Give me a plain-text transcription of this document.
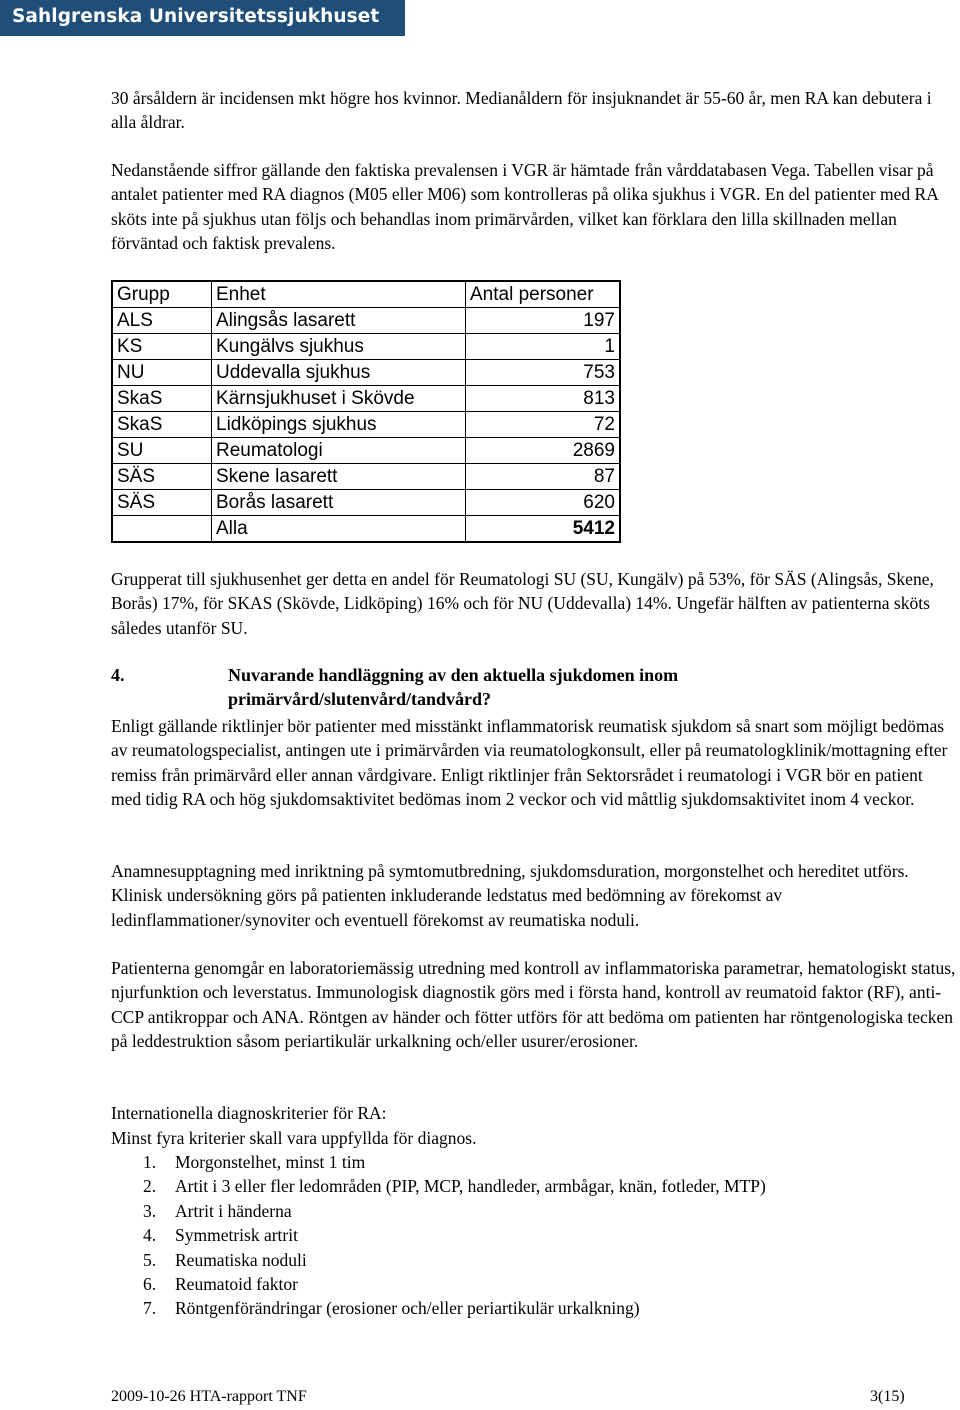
Sahlgrenska Universitetssjukhuset

30 årsåldern är incidensen mkt högre hos kvinnor. Medianåldern för insjuknandet är 55-60 år, men RA kan debutera i alla åldrar.

Nedanstående siffror gällande den faktiska prevalensen i VGR är hämtade från vårddatabasen Vega. Tabellen visar på antalet patienter med RA diagnos (M05 eller M06) som kontrolleras på olika sjukhus i VGR. En del patienter med RA sköts inte på sjukhus utan följs och behandlas inom primärvården, vilket kan förklara den lilla skillnaden mellan förväntad och faktisk prevalens.

Grupp	Enhet	Antal personer
ALS	Alingsås lasarett	197
KS	Kungälvs sjukhus	1
NU	Uddevalla sjukhus	753
SkaS	Kärnsjukhuset i Skövde	813
SkaS	Lidköpings sjukhus	72
SU	Reumatologi	2869
SÄS	Skene lasarett	87
SÄS	Borås lasarett	620
	Alla	5412

Grupperat till sjukhusenhet ger detta en andel för Reumatologi SU (SU, Kungälv) på 53%, för SÄS (Alingsås, Skene, Borås) 17%, för SKAS (Skövde, Lidköping) 16% och för NU (Uddevalla) 14%. Ungefär hälften av patienterna sköts således utanför SU.

4.	Nuvarande handläggning av den aktuella sjukdomen inom primärvård/slutenvård/tandvård?

Enligt gällande riktlinjer bör patienter med misstänkt inflammatorisk reumatisk sjukdom så snart som möjligt bedömas av reumatologspecialist, antingen ute i primärvården via reumatologkonsult, eller på reumatologklinik/mottagning efter remiss från primärvård eller annan vårdgivare. Enligt riktlinjer från Sektorsrådet i reumatologi i VGR bör en patient med tidig RA och hög sjukdomsaktivitet bedömas inom 2 veckor och vid måttlig sjukdomsaktivitet inom 4 veckor.

Anamnesupptagning med inriktning på symtomutbredning, sjukdomsduration, morgonstelhet och hereditet utförs. Klinisk undersökning görs på patienten inkluderande ledstatus med bedömning av förekomst av ledinflammationer/synoviter och eventuell förekomst av reumatiska noduli.

Patienterna genomgår en laboratoriemässig utredning med kontroll av inflammatoriska parametrar, hematologiskt status, njurfunktion och leverstatus. Immunologisk diagnostik görs med i första hand, kontroll av reumatoid faktor (RF), anti-CCP antikroppar och ANA. Röntgen av händer och fötter utförs för att bedöma om patienten har röntgenologiska tecken på leddestruktion såsom periartikulär urkalkning och/eller usurer/erosioner.

Internationella diagnoskriterier för RA:

Minst fyra kriterier skall vara uppfyllda för diagnos.

1. Morgonstelhet, minst 1 tim
2. Artit i 3 eller fler ledområden (PIP, MCP, handleder, armbågar, knän, fotleder, MTP)
3. Artrit i händerna
4. Symmetrisk artrit
5. Reumatiska noduli
6. Reumatoid faktor
7. Röntgenförändringar (erosioner och/eller periartikulär urkalkning)
2009-10-26 HTA-rapport TNF	3(15)
